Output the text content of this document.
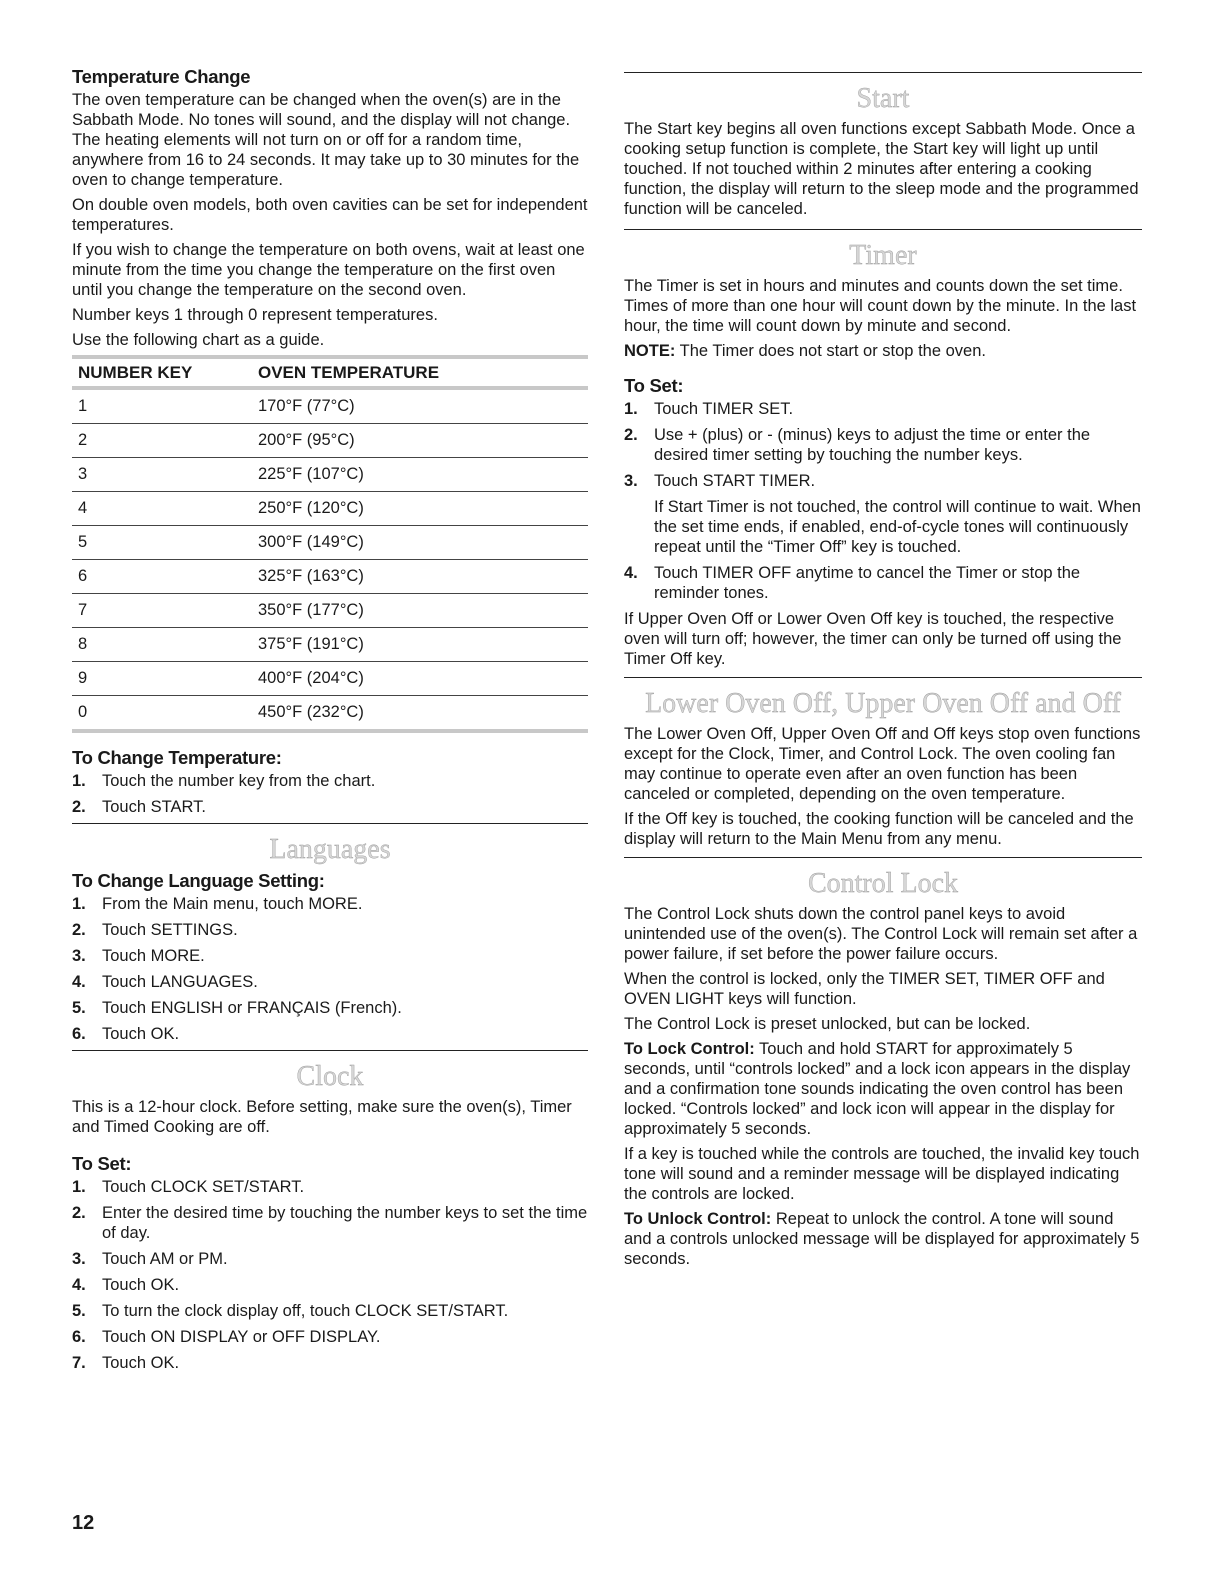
Temperature Change

The oven temperature can be changed when the oven(s) are in the Sabbath Mode. No tones will sound, and the display will not change. The heating elements will not turn on or off for a random time, anywhere from 16 to 24 seconds. It may take up to 30 minutes for the oven to change temperature.

On double oven models, both oven cavities can be set for independent temperatures.

If you wish to change the temperature on both ovens, wait at least one minute from the time you change the temperature on the first oven until you change the temperature on the second oven.

Number keys 1 through 0 represent temperatures.

Use the following chart as a guide.

NUMBER KEY	OVEN TEMPERATURE
1	170°F (77°C)
2	200°F (95°C)
3	225°F (107°C)
4	250°F (120°C)
5	300°F (149°C)
6	325°F (163°C)
7	350°F (177°C)
8	375°F (191°C)
9	400°F (204°C)
0	450°F (232°C)
To Change Temperature:
1. Touch the number key from the chart.
2. Touch START.
Languages
To Change Language Setting:
1. From the Main menu, touch MORE.
2. Touch SETTINGS.
3. Touch MORE.
4. Touch LANGUAGES.
5. Touch ENGLISH or FRANÇAIS (French).
6. Touch OK.
Clock

This is a 12-hour clock. Before setting, make sure the oven(s), Timer and Timed Cooking are off.

To Set:
1. Touch CLOCK SET/START.
2. Enter the desired time by touching the number keys to set the time of day.
3. Touch AM or PM.
4. Touch OK.
5. To turn the clock display off, touch CLOCK SET/START.
6. Touch ON DISPLAY or OFF DISPLAY.
7. Touch OK.
Start

The Start key begins all oven functions except Sabbath Mode. Once a cooking setup function is complete, the Start key will light up until touched. If not touched within 2 minutes after entering a cooking function, the display will return to the sleep mode and the programmed function will be canceled.

Timer

The Timer is set in hours and minutes and counts down the set time. Times of more than one hour will count down by the minute. In the last hour, the time will count down by minute and second.

NOTE: The Timer does not start or stop the oven.

To Set:
1. Touch TIMER SET.
2. Use + (plus) or - (minus) keys to adjust the time or enter the desired timer setting by touching the number keys.
3. Touch START TIMER.

If Start Timer is not touched, the control will continue to wait. When the set time ends, if enabled, end-of-cycle tones will continuously repeat until the “Timer Off” key is touched.

4. Touch TIMER OFF anytime to cancel the Timer or stop the reminder tones.

If Upper Oven Off or Lower Oven Off key is touched, the respective oven will turn off; however, the timer can only be turned off using the Timer Off key.

Lower Oven Off, Upper Oven Off and Off

The Lower Oven Off, Upper Oven Off and Off keys stop oven functions except for the Clock, Timer, and Control Lock. The oven cooling fan may continue to operate even after an oven function has been canceled or completed, depending on the oven temperature.

If the Off key is touched, the cooking function will be canceled and the display will return to the Main Menu from any menu.

Control Lock

The Control Lock shuts down the control panel keys to avoid unintended use of the oven(s). The Control Lock will remain set after a power failure, if set before the power failure occurs.

When the control is locked, only the TIMER SET, TIMER OFF and OVEN LIGHT keys will function.

The Control Lock is preset unlocked, but can be locked.

To Lock Control: Touch and hold START for approximately 5 seconds, until “controls locked” and a lock icon appears in the display and a confirmation tone sounds indicating the oven control has been locked. “Controls locked” and lock icon will appear in the display for approximately 5 seconds.

If a key is touched while the controls are touched, the invalid key touch tone will sound and a reminder message will be displayed indicating the controls are locked.

To Unlock Control: Repeat to unlock the control. A tone will sound and a controls unlocked message will be displayed for approximately 5 seconds.

12
